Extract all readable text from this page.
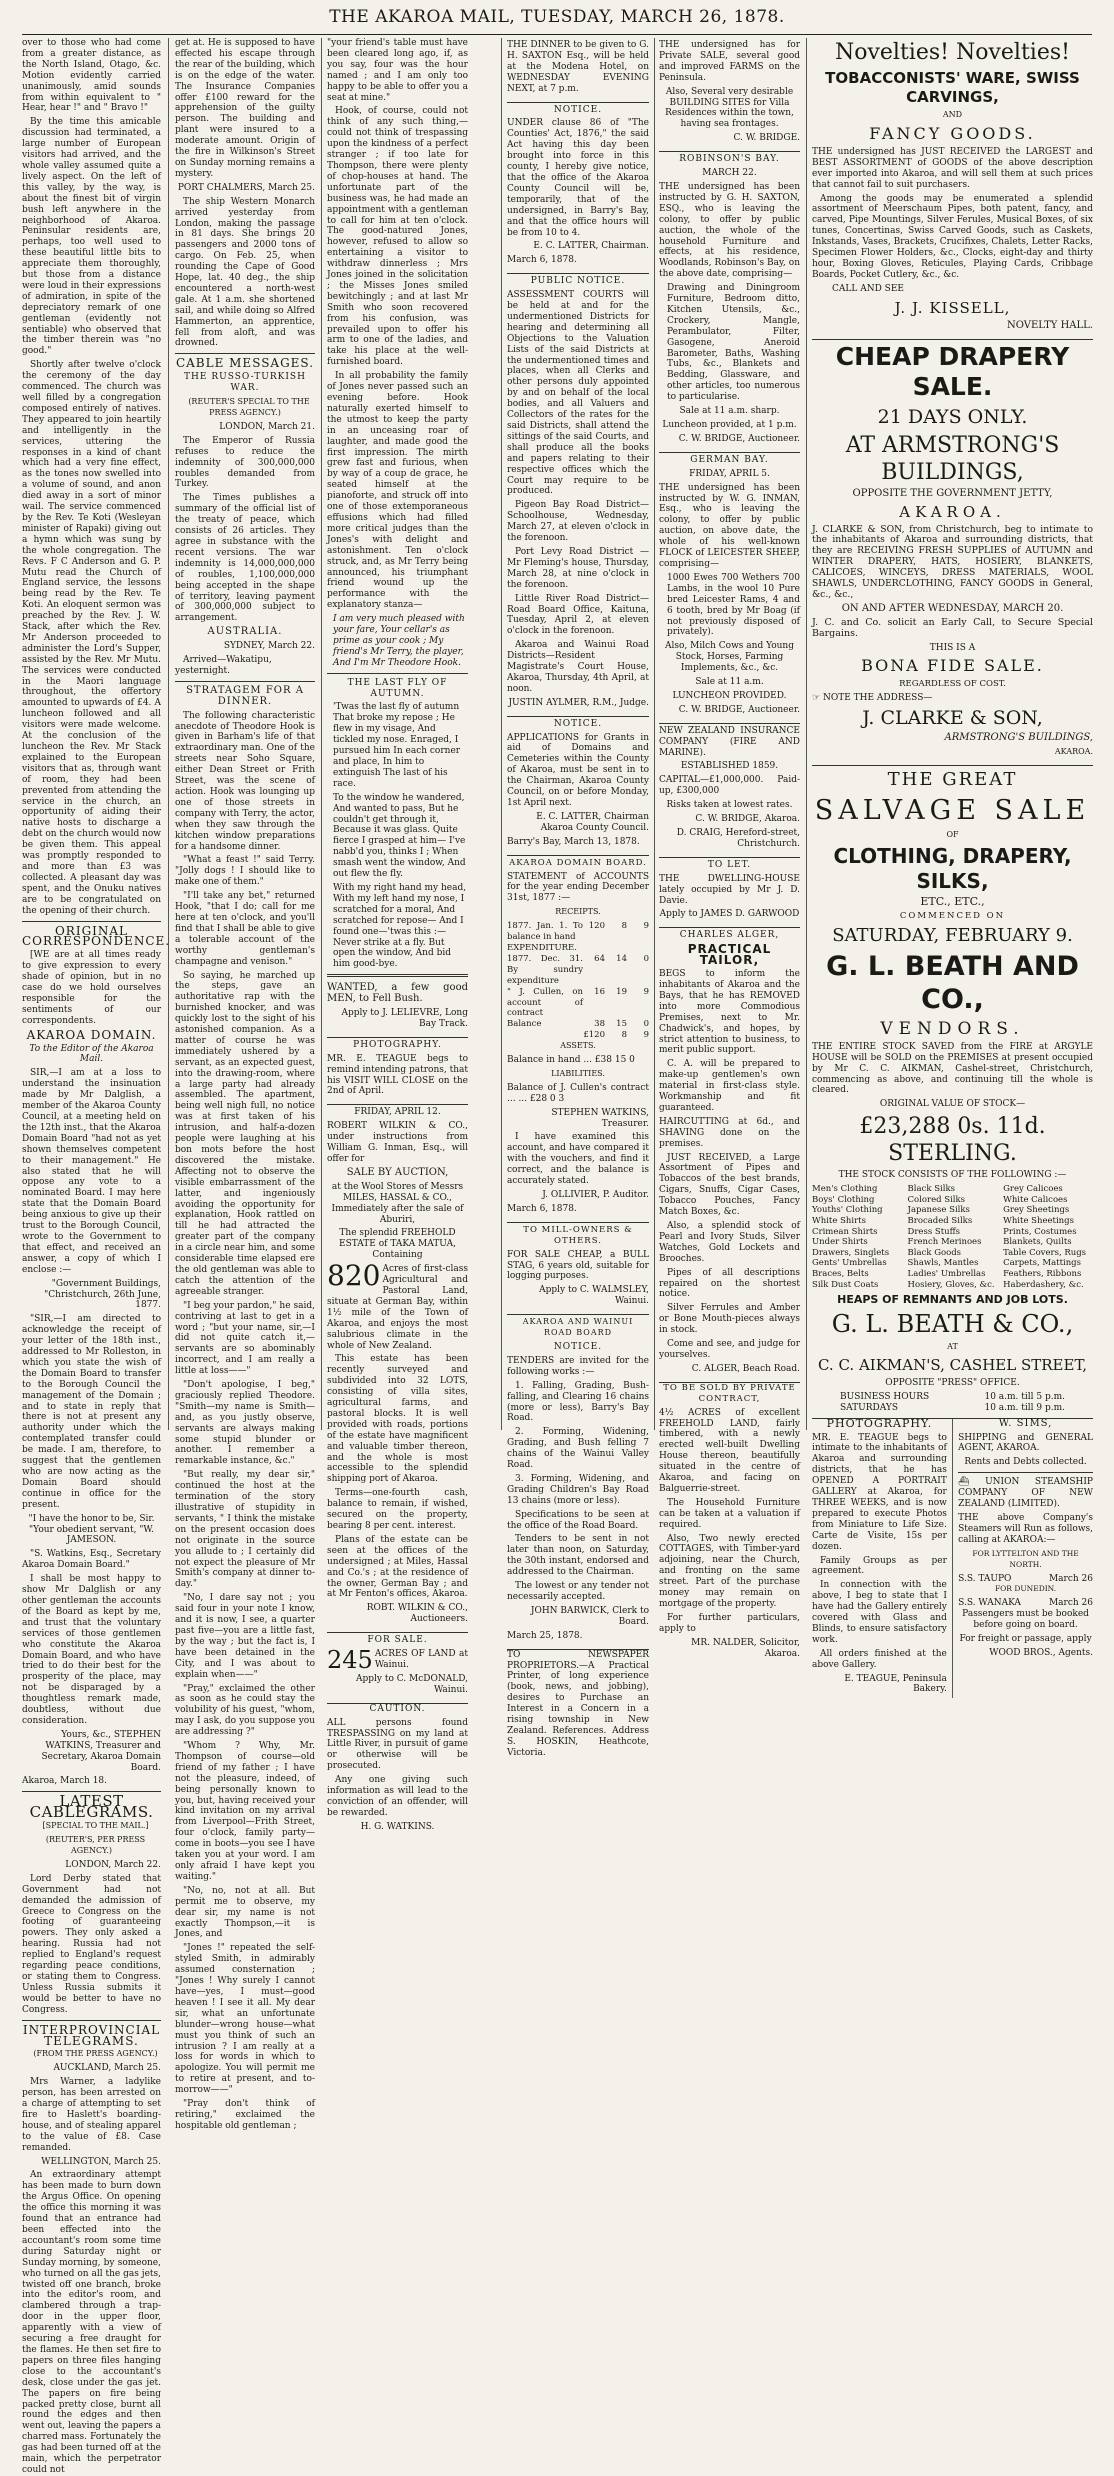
THE AKAROA MAIL, TUESDAY, MARCH 26, 1878.

over to those who had come from a greater distance, as the North Island, Otago, &c. Motion evidently carried unanimously, amid sounds from within equivalent to " Hear, hear !" and " Bravo !"

By the time this amicable discussion had terminated, a large number of European visitors had arrived, and the whole valley assumed quite a lively aspect. On the left of this valley, by the way, is about the finest bit of virgin bush left anywhere in the neighborhood of Akaroa. Peninsular residents are, perhaps, too well used to these beautiful little bits to appreciate them thoroughly, but those from a distance were loud in their expressions of admiration, in spite of the depreciatory remark of one gentleman (evidently not sentiable) who observed that the timber therein was "no good."

Shortly after twelve o'clock the ceremony of the day commenced. The church was well filled by a congregation composed entirely of natives. They appeared to join heartily and intelligently in the services, uttering the responses in a kind of chant which had a very fine effect, as the tones now swelled into a volume of sound, and anon died away in a sort of minor wail. The service commenced by the Rev. Te Koti (Wesleyan minister of Rapaki) giving out a hymn which was sung by the whole congregation. The Revs. F C Anderson and G. P. Mutu read the Church of England service, the lessons being read by the Rev. Te Koti. An eloquent sermon was preached by the Rev. J. W. Stack, after which the Rev. Mr Anderson proceeded to administer the Lord's Supper, assisted by the Rev. Mr Mutu. The services were conducted in the Maori language throughout, the offertory amounted to upwards of £4. A luncheon followed and all visitors were made welcome. At the conclusion of the luncheon the Rev. Mr Stack explained to the European visitors that as, through want of room, they had been prevented from attending the service in the church, an opportunity of aiding their native hosts to discharge a debt on the church would now be given them. This appeal was promptly responded to and more than £3 was collected. A pleasant day was spent, and the Onuku natives are to be congratulated on the opening of their church.

ORIGINAL CORRESPONDENCE.

[WE are at all times ready to give expression to every shade of opinion, but in no case do we hold ourselves responsible for the sentiments of our correspondents.

AKAROA DOMAIN.

To the Editor of the Akaroa Mail.

SIR,—I am at a loss to understand the insinuation made by Mr Dalglish, a member of the Akaroa County Council, at a meeting held on the 12th inst., that the Akaroa Domain Board "had not as yet shown themselves competent to their management." He also stated that he will oppose any vote to a nominated Board. I may here state that the Domain Board being anxious to give up their trust to the Borough Council, wrote to the Government to that effect, and received an answer, a copy of which I enclose :—

"Government Buildings, "Christchurch, 26th June, 1877.

"SIR,—I am directed to acknowledge the receipt of your letter of the 18th inst., addressed to Mr Rolleston, in which you state the wish of the Domain Board to transfer to the Borough Council the management of the Domain ; and to state in reply that there is not at present any authority under which the contemplated transfer could be made. I am, therefore, to suggest that the gentlemen who are now acting as the Domain Board should continue in office for the present.

"I have the honor to be, Sir. "Your obedient servant, "W. JAMESON.

"S. Watkins, Esq., Secretary Akaroa Domain Board."

I shall be most happy to show Mr Dalglish or any other gentleman the accounts of the Board as kept by me, and trust that the voluntary services of those gentlemen who constitute the Akaroa Domain Board, and who have tried to do their best for the prosperity of the place, may not be disparaged by a thoughtless remark made, doubtless, without due consideration.

Yours, &c., STEPHEN WATKINS, Treasurer and Secretary, Akaroa Domain Board.

Akaroa, March 18.

LATEST CABLEGRAMS.

[SPECIAL TO THE MAIL.]

(REUTER'S, PER PRESS AGENCY.)

LONDON, March 22.

Lord Derby stated that Government had not demanded the admission of Greece to Congress on the footing of guaranteeing powers. They only asked a hearing. Russia had not replied to England's request regarding peace conditions, or stating them to Congress. Unless Russia submits it would be better to have no Congress.

INTERPROVINCIAL TELEGRAMS.

(FROM THE PRESS AGENCY.)

AUCKLAND, March 25.

Mrs Warner, a ladylike person, has been arrested on a charge of attempting to set fire to Haslett's boarding-house, and of stealing apparel to the value of £8. Case remanded.

WELLINGTON, March 25.

An extraordinary attempt has been made to burn down the Argus Office. On opening the office this morning it was found that an entrance had been effected into the accountant's room some time during Saturday night or Sunday morning, by someone, who turned on all the gas jets, twisted off one branch, broke into the editor's room, and clambered through a trap-door in the upper floor, apparently with a view of securing a free draught for the flames. He then set fire to papers on three files hanging close to the accountant's desk, close under the gas jet. The papers on fire being packed pretty close, burnt all round the edges and then went out, leaving the papers a charred mass. Fortunately the gas had been turned off at the main, which the perpetrator could not

get at. He is supposed to have effected his escape through the rear of the building, which is on the edge of the water. The Insurance Companies offer £100 reward for the apprehension of the guilty person. The building and plant were insured to a moderate amount. Origin of the fire in Wilkinson's Street on Sunday morning remains a mystery.

PORT CHALMERS, March 25.

The ship Western Monarch arrived yesterday from London, making the passage in 81 days. She brings 20 passengers and 2000 tons of cargo. On Feb. 25, when rounding the Cape of Good Hope, lat. 40 deg., the ship encountered a north-west gale. At 1 a.m. she shortened sail, and while doing so Alfred Hammerton, an apprentice, fell from aloft, and was drowned.

CABLE MESSAGES.

THE RUSSO-TURKISH WAR.

(REUTER'S SPECIAL TO THE PRESS AGENCY.)

LONDON, March 21.

The Emperor of Russia refuses to reduce the indemnity of 300,000,000 roubles demanded from Turkey.

The Times publishes a summary of the official list of the treaty of peace, which consists of 26 articles. They agree in substance with the recent versions. The war indemnity is 14,000,000,000 of roubles, 1,100,000,000 being accepted in the shape of territory, leaving payment of 300,000,000 subject to arrangement.

AUSTRALIA.

SYDNEY, March 22.

Arrived—Wakatipu, yesternight.

STRATAGEM FOR A DINNER.

The following characteristic anecdote of Theodore Hook is given in Barham's life of that extraordinary man. One of the streets near Soho Square, either Dean Street or Frith Street, was the scene of action. Hook was lounging up one of those streets in company with Terry, the actor, when they saw through the kitchen window preparations for a handsome dinner.

"What a feast !" said Terry. "Jolly dogs ! I should like to make one of them."

"I'll take any bet," returned Hook, "that I do; call for me here at ten o'clock, and you'll find that I shall be able to give a tolerable account of the worthy gentleman's champagne and venison."

So saying, he marched up the steps, gave an authoritative rap with the burnished knocker, and was quickly lost to the sight of his astonished companion. As a matter of course he was immediately ushered by a servant, as an expected guest, into the drawing-room, where a large party had already assembled. The apartment, being well nigh full, no notice was at first taken of his intrusion, and half-a-dozen people were laughing at his bon mots before the host discovered the mistake. Affecting not to observe the visible embarrassment of the latter, and ingeniously avoiding the opportunity for explanation, Hook rattled on till he had attracted the greater part of the company in a circle near him, and some considerable time elapsed ere the old gentleman was able to catch the attention of the agreeable stranger.

"I beg your pardon," he said, contriving at last to get in a word ; "but your name, sir,—I did not quite catch it,—servants are so abominably incorrect, and I am really a little at loss——"

"Don't apologise, I beg," graciously replied Theodore. "Smith—my name is Smith—and, as you justly observe, servants are always making some stupid blunder or another. I remember a remarkable instance, &c."

"But really, my dear sir," continued the host at the termination of the story illustrative of stupidity in servants, " I think the mistake on the present occasion does not originate in the source you allude to ; I certainly did not expect the pleasure of Mr Smith's company at dinner to-day."

"No, I dare say not ; you said four in your note I know, and it is now, I see, a quarter past five—you are a little fast, by the way ; but the fact is, I have been detained in the City, and I was about to explain when——"

"Pray," exclaimed the other as soon as he could stay the volubility of his guest, "whom, may I ask, do you suppose you are addressing ?"

"Whom ? Why, Mr. Thompson of course—old friend of my father ; I have not the pleasure, indeed, of being personally known to you, but, having received your kind invitation on my arrival from Liverpool—Frith Street, four o'clock, family party—come in boots—you see I have taken you at your word. I am only afraid I have kept you waiting."

"No, no, not at all. But permit me to observe, my dear sir, my name is not exactly Thompson,—it is Jones, and

"Jones !" repeated the self-styled Smith, in admirably assumed consternation ; "Jones ! Why surely I cannot have—yes, I must—good heaven ! I see it all. My dear sir, what an unfortunate blunder—wrong house—what must you think of such an intrusion ? I am really at a loss for words in which to apologize. You will permit me to retire at present, and to-morrow——"

"Pray don't think of retiring," exclaimed the hospitable old gentleman ;

"your friend's table must have been cleared long ago, if, as you say, four was the hour named ; and I am only too happy to be able to offer you a seat at mine."

Hook, of course, could not think of any such thing,—could not think of trespassing upon the kindness of a perfect stranger ; if too late for Thompson, there were plenty of chop-houses at hand. The unfortunate part of the business was, he had made an appointment with a gentleman to call for him at ten o'clock. The good-natured Jones, however, refused to allow so entertaining a visitor to withdraw dinnerless ; Mrs Jones joined in the solicitation ; the Misses Jones smiled bewitchingly ; and at last Mr Smith who soon recovered from his confusion, was prevailed upon to offer his arm to one of the ladies, and take his place at the well-furnished board.

In all probability the family of Jones never passed such an evening before. Hook naturally exerted himself to the utmost to keep the party in an unceasing roar of laughter, and made good the first impression. The mirth grew fast and furious, when by way of a coup de grace, he seated himself at the pianoforte, and struck off into one of those extemporaneous effusions which had filled more critical judges than the Jones's with delight and astonishment. Ten o'clock struck, and, as Mr Terry being announced, his triumphant friend wound up the performance with the explanatory stanza—

I am very much pleased with your fare, Your cellar's as prime as your cook ; My friend's Mr Terry, the player, And I'm Mr Theodore Hook.

THE LAST FLY OF AUTUMN.

'Twas the last fly of autumn That broke my repose ; He flew in my visage, And tickled my nose. Enraged, I pursued him In each corner and place, In him to extinguish The last of his race.

To the window he wandered, And wanted to pass, But he couldn't get through it, Because it was glass. Quite fierce I grasped at him— I've nabb'd you, thinks I ; When smash went the window, And out flew the fly.

With my right hand my head, With my left hand my nose, I scratched for a moral, And scratched for repose— And I found one—'twas this :— Never strike at a fly. But open the window, And bid him good-bye.

WANTED, a few good MEN, to Fell Bush.

Apply to J. LELIEVRE, Long Bay Track.

PHOTOGRAPHY.

MR. E. TEAGUE begs to remind intending patrons, that his VISIT WILL CLOSE on the 2nd of April.

FRIDAY, APRIL 12.

ROBERT WILKIN & CO., under instructions from William G. Inman, Esq., will offer for

SALE BY AUCTION,

at the Wool Stores of Messrs MILES, HASSAL & CO., Immediately after the sale of Aburiri,

The splendid FREEHOLD ESTATE of TAKA MATUA, Containing

820 Acres of first-class Agricultural and Pastoral Land, situate at German Bay, within 1½ mile of the Town of Akaroa, and enjoys the most salubrious climate in the whole of New Zealand.

This estate has been recently surveyed and subdivided into 32 LOTS, consisting of villa sites, agricultural farms, and pastoral blocks. It is well provided with roads, portions of the estate have magnificent and valuable timber thereon, and the whole is most accessible to the splendid shipping port of Akaroa.

Terms—one-fourth cash, balance to remain, if wished, secured on the property, bearing 8 per cent. interest.

Plans of the estate can be seen at the offices of the undersigned ; at Miles, Hassal and Co.'s ; at the residence of the owner, German Bay ; and at Mr Fenton's offices, Akaroa.

ROBT. WILKIN & CO., Auctioneers.

FOR SALE.

245 ACRES OF LAND at Wainui.

Apply to C. McDONALD, Wainui.

CAUTION.

ALL persons found TRESPASSING on my land at Little River, in pursuit of game or otherwise will be prosecuted.

Any one giving such information as will lead to the conviction of an offender, will be rewarded.

H. G. WATKINS.

THE DINNER to be given to G. H. SAXTON Esq., will be held at the Modena Hotel, on WEDNESDAY EVENING NEXT, at 7 p.m.

NOTICE.

UNDER clause 86 of "The Counties' Act, 1876," the said Act having this day been brought into force in this county, I hereby give notice, that the office of the Akaroa County Council will be, temporarily, that of the undersigned, in Barry's Bay, and that the office hours will be from 10 to 4.

E. C. LATTER, Chairman.

March 6, 1878.

PUBLIC NOTICE.

ASSESSMENT COURTS will be held at and for the undermentioned Districts for hearing and determining all Objections to the Valuation Lists of the said Districts at the undermentioned times and places, when all Clerks and other persons duly appointed by and on behalf of the local bodies, and all Valuers and Collectors of the rates for the said Districts, shall attend the sittings of the said Courts, and shall produce all the books and papers relating to their respective offices which the Court may require to be produced.

Pigeon Bay Road District—Schoolhouse, Wednesday, March 27, at eleven o'clock in the forenoon.

Port Levy Road District — Mr Fleming's house, Thursday, March 28, at nine o'clock in the forenoon.

Little River Road District—Road Board Office, Kaituna, Tuesday, April 2, at eleven o'clock in the forenoon.

Akaroa and Wainui Road Districts—Resident Magistrate's Court House, Akaroa, Thursday, 4th April, at noon.

JUSTIN AYLMER, R.M., Judge.

NOTICE.

APPLICATIONS for Grants in aid of Domains and Cemeteries within the County of Akaroa, must be sent in to the Chairman, Akaroa County Council, on or before Monday, 1st April next.

E. C. LATTER, Chairman Akaroa County Council.

Barry's Bay, March 13, 1878.

AKAROA DOMAIN BOARD.

STATEMENT of ACCOUNTS for the year ending December 31st, 1877 :—

RECEIPTS.

1877. Jan. 1. To balance in hand	120	8	9
EXPENDITURE.			
1877. Dec. 31. By sundry expenditure	64	14	0
" J. Cullen, on account of contract	16	19	9
Balance	38	15	0
	£120	8	9

ASSETS.

Balance in hand ... £38 15 0

LIABILITIES.

Balance of J. Cullen's contract ... ... £28 0 3

STEPHEN WATKINS, Treasurer.

I have examined this account, and have compared it with the vouchers, and find it correct, and the balance is accurately stated.

J. OLLIVIER, P. Auditor.

March 6, 1878.

TO MILL-OWNERS & OTHERS.

FOR SALE CHEAP, a BULL STAG, 6 years old, suitable for logging purposes.

Apply to C. WALMSLEY, Wainui.

AKAROA AND WAINUI ROAD BOARD

NOTICE.

TENDERS are invited for the following works :—

1. Falling, Grading, Bush-falling, and Clearing 16 chains (more or less), Barry's Bay Road.

2. Forming, Widening, Grading, and Bush felling 7 chains of the Wainui Valley Road.

3. Forming, Widening, and Grading Children's Bay Road 13 chains (more or less).

Specifications to be seen at the office of the Road Board.

Tenders to be sent in not later than noon, on Saturday, the 30th instant, endorsed and addressed to the Chairman.

The lowest or any tender not necessarily accepted.

JOHN BARWICK, Clerk to Board.

March 25, 1878.

TO NEWSPAPER PROPRIETORS.—A Practical Printer, of long experience (book, news, and jobbing), desires to Purchase an Interest in a Concern in a rising township in New Zealand. References. Address S. HOSKIN, Heathcote, Victoria.

THE undersigned has for Private SALE, several good and improved FARMS on the Peninsula.

Also, Several very desirable BUILDING SITES for Villa Residences within the town, having sea frontages.

C. W. BRIDGE.

ROBINSON'S BAY.

MARCH 22.

THE undersigned has been instructed by G. H. SAXTON, ESQ., who is leaving the colony, to offer by public auction, the whole of the household Furniture and effects, at his residence, Woodlands, Robinson's Bay, on the above date, comprising—

Drawing and Diningroom Furniture, Bedroom ditto, Kitchen Utensils, &c., Crockery, Mangle, Perambulator, Filter, Gasogene, Aneroid Barometer, Baths, Washing Tubs, &c., Blankets and Bedding, Glassware, and other articles, too numerous to particularise.

Sale at 11 a.m. sharp.

Luncheon provided, at 1 p.m.

C. W. BRIDGE, Auctioneer.

GERMAN BAY.

FRIDAY, APRIL 5.

THE undersigned has been instructed by W. G. INMAN, Esq., who is leaving the colony, to offer by public auction, on above date, the whole of his well-known FLOCK of LEICESTER SHEEP, comprising—

1000 Ewes 700 Wethers 700 Lambs, in the wool 10 Pure bred Leicester Rams, 4 and 6 tooth, bred by Mr Boag (if not previously disposed of privately).

Also, Milch Cows and Young Stock, Horses, Farming Implements, &c., &c.

Sale at 11 a.m.

LUNCHEON PROVIDED.

C. W. BRIDGE, Auctioneer.

NEW ZEALAND INSURANCE COMPANY (FIRE AND MARINE).

ESTABLISHED 1859.

CAPITAL—£1,000,000. Paid-up, £300,000

Risks taken at lowest rates.

C. W. BRIDGE, Akaroa.

D. CRAIG, Hereford-street, Christchurch.

TO LET.

THE DWELLING-HOUSE lately occupied by Mr J. D. Davie.

Apply to JAMES D. GARWOOD

CHARLES ALGER,

PRACTICAL TAILOR,

BEGS to inform the inhabitants of Akaroa and the Bays, that he has REMOVED into more Commodious Premises, next to Mr. Chadwick's, and hopes, by strict attention to business, to merit public support.

C. A. will be prepared to make-up gentlemen's own material in first-class style. Workmanship and fit guaranteed.

HAIRCUTTING at 6d., and SHAVING done on the premises.

JUST RECEIVED, a Large Assortment of Pipes and Tobaccos of the best brands, Cigars, Snuffs, Cigar Cases, Tobacco Pouches, Fancy Match Boxes, &c.

Also, a splendid stock of Pearl and Ivory Studs, Silver Watches, Gold Lockets and Brooches.

Pipes of all descriptions repaired on the shortest notice.

Silver Ferrules and Amber or Bone Mouth-pieces always in stock.

Come and see, and judge for yourselves.

C. ALGER, Beach Road.

TO BE SOLD BY PRIVATE CONTRACT,

4½ ACRES of excellent FREEHOLD LAND, fairly timbered, with a newly erected well-built Dwelling House thereon, beautifully situated in the centre of Akaroa, and facing on Balguerrie-street.

The Household Furniture can be taken at a valuation if required.

Also, Two newly erected COTTAGES, with Timber-yard adjoining, near the Church, and fronting on the same street. Part of the purchase money may remain on mortgage of the property.

For further particulars, apply to

MR. NALDER, Solicitor, Akaroa.

Novelties! Novelties!

TOBACCONISTS' WARE, SWISS CARVINGS,

AND

FANCY GOODS.

THE undersigned has JUST RECEIVED the LARGEST and BEST ASSORTMENT of GOODS of the above description ever imported into Akaroa, and will sell them at such prices that cannot fail to suit purchasers.

Among the goods may be enumerated a splendid assortment of Meerschaum Pipes, both patent, fancy, and carved, Pipe Mountings, Silver Ferules, Musical Boxes, of six tunes, Concertinas, Swiss Carved Goods, such as Caskets, Inkstands, Vases, Brackets, Crucifixes, Chalets, Letter Racks, Specimen Flower Holders, &c., Clocks, eight-day and thirty hour, Boxing Gloves, Reticules, Playing Cards, Cribbage Boards, Pocket Cutlery, &c., &c.

CALL AND SEE

J. J. KISSELL,

NOVELTY HALL.

CHEAP DRAPERY SALE.

21 DAYS ONLY.

AT ARMSTRONG'S BUILDINGS,

OPPOSITE THE GOVERNMENT JETTY,

AKAROA.

J. CLARKE & SON, from Christchurch, beg to intimate to the inhabitants of Akaroa and surrounding districts, that they are RECEIVING FRESH SUPPLIES of AUTUMN and WINTER DRAPERY, HATS, HOSIERY, BLANKETS, CALICOES, WINCEYS, DRESS MATERIALS, WOOL SHAWLS, UNDERCLOTHING, FANCY GOODS in General, &c., &c.,

ON AND AFTER WEDNESDAY, MARCH 20.

J. C. and Co. solicit an Early Call, to Secure Special Bargains.

THIS IS A

BONA FIDE SALE.

REGARDLESS OF COST.

☞ NOTE THE ADDRESS—

J. CLARKE & SON,

ARMSTRONG'S BUILDINGS,

AKAROA.

THE GREAT

SALVAGE SALE

OF

CLOTHING, DRAPERY, SILKS,

ETC., ETC.,

COMMENCED ON

SATURDAY, FEBRUARY 9.

G. L. BEATH AND CO.,

VENDORS.

THE ENTIRE STOCK SAVED from the FIRE at ARGYLE HOUSE will be SOLD on the PREMISES at present occupied by Mr C. C. AIKMAN, Cashel-street, Christchurch, commencing as above, and continuing till the whole is cleared.

ORIGINAL VALUE OF STOCK—

£23,288 0s. 11d. STERLING.

THE STOCK CONSISTS OF THE FOLLOWING :—

Men's Clothing
Boys' Clothing
Youths' Clothing
White Shirts
Crimean Shirts
Under Shirts
Drawers, Singlets
Gents' Umbrellas
Braces, Belts
Silk Dust Coats
Black Silks
Colored Silks
Japanese Silks
Brocaded Silks
Dress Stuffs
French Merinoes
Black Goods
Shawls, Mantles
Ladies' Umbrellas
Hosiery, Gloves, &c.
Grey Calicoes
White Calicoes
Grey Sheetings
White Sheetings
Prints, Costumes
Blankets, Quilts
Table Covers, Rugs
Carpets, Mattings
Feathers, Ribbons
Haberdashery, &c.

HEAPS OF REMNANTS AND JOB LOTS.

G. L. BEATH & CO.,

AT

C. C. AIKMAN'S, CASHEL STREET,

OPPOSITE "PRESS" OFFICE.

BUSINESS HOURS	10 a.m. till 5 p.m.
SATURDAYS	10 a.m. till 9 p.m.

PHOTOGRAPHY.

MR. E. TEAGUE begs to intimate to the inhabitants of Akaroa and surrounding districts, that he has OPENED A PORTRAIT GALLERY at Akaroa, for THREE WEEKS, and is now prepared to execute Photos from Miniature to Life Size. Carte de Visite, 15s per dozen.

Family Groups as per agreement.

In connection with the above, I beg to state that I have had the Gallery entirely covered with Glass and Blinds, to ensure satisfactory work.

All orders finished at the above Gallery.

E. TEAGUE, Peninsula Bakery.

W. SIMS,

SHIPPING and GENERAL AGENT, AKAROA.

Rents and Debts collected.

⛴ UNION STEAMSHIP COMPANY OF NEW ZEALAND (LIMITED).

THE above Company's Steamers will Run as follows, calling at AKAROA:—

FOR LYTTELTON AND THE NORTH.

S.S. TAUPO	March 26

FOR DUNEDIN.

S.S. WANAKA	March 26

Passengers must be booked before going on board.

For freight or passage, apply

WOOD BROS., Agents.
